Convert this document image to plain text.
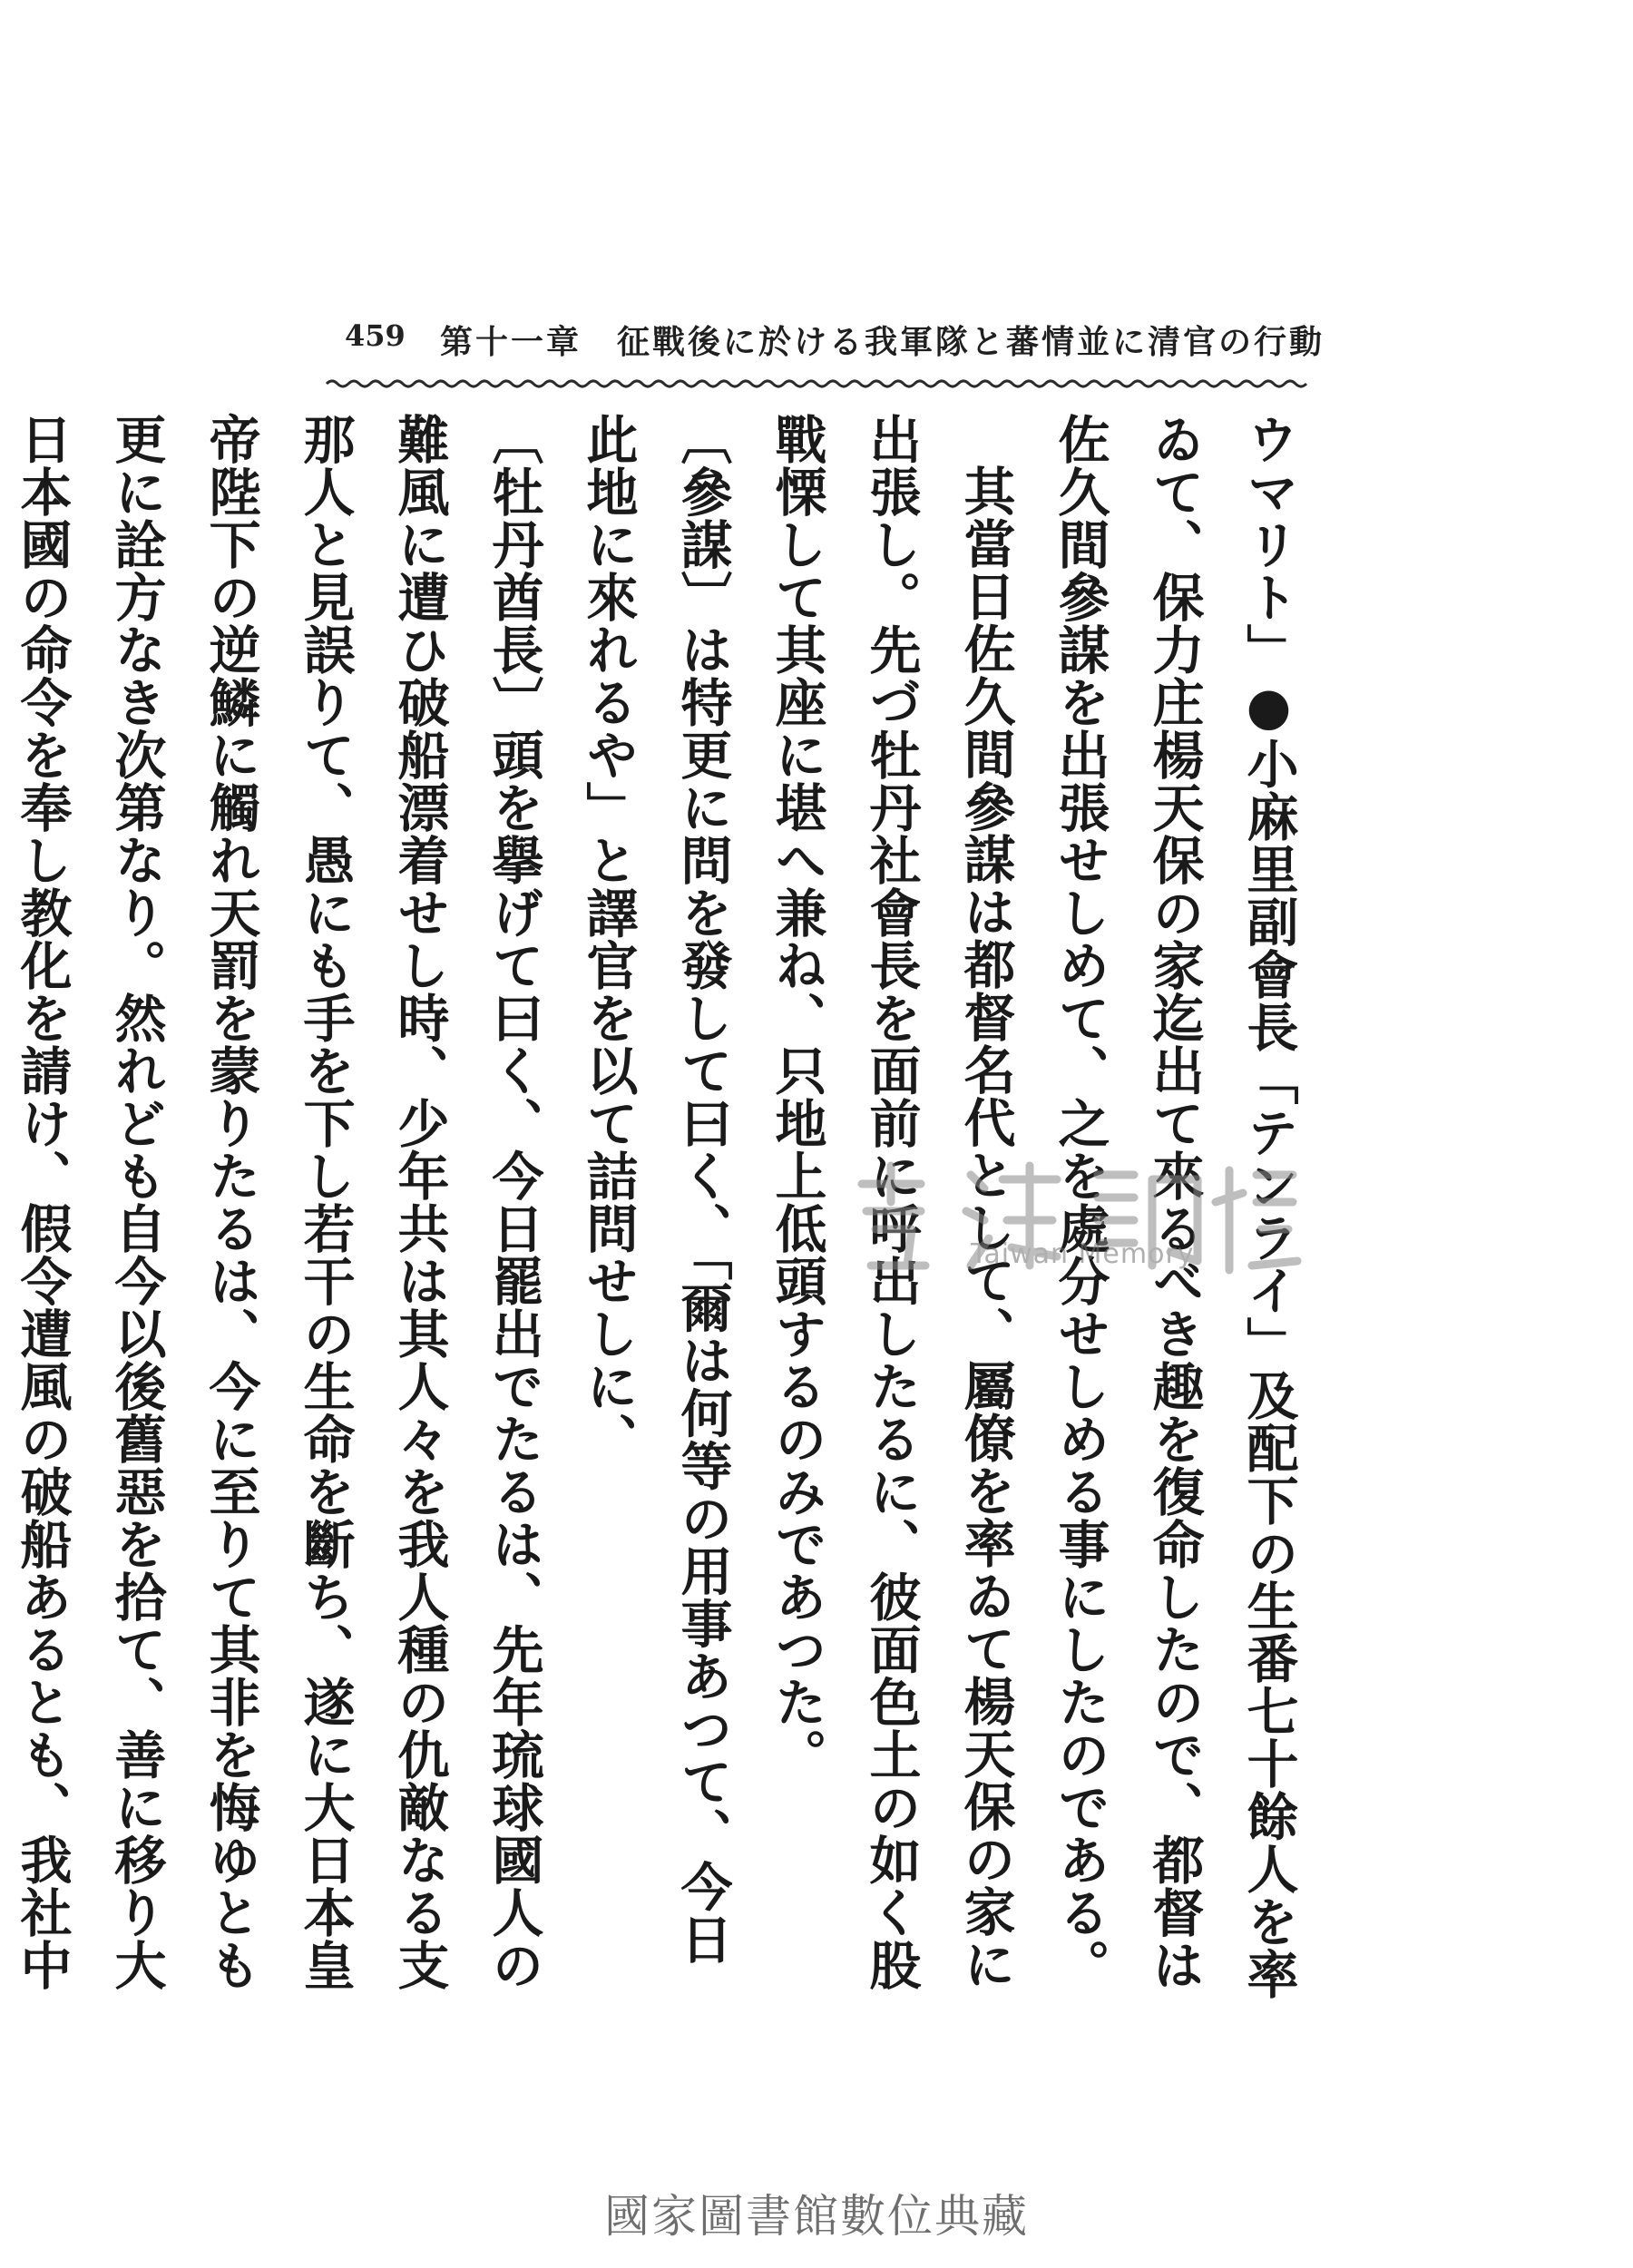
459 第十一章　征戰後に於ける我軍隊と蕃情並に清官の行動

ウマリト」●小麻里副會長「テンライ」及配下の生番七十餘人を率ゐて、保力庄楊天保の家迄出て來るべき趣を復命したので、都督は佐久間參謀を出張せしめて、之を處分せしめる事にしたのである。

其當日佐久間參謀は都督名代として、屬僚を率ゐて楊天保の家に出張し。先づ牡丹社會長を面前に呼出したるに、彼面色土の如く股戰慄して其座に堪へ兼ね、只地上低頭するのみであつた。

〔參謀〕は特更に問を發して曰く、「爾は何等の用事あつて、今日此地に來れるや」と譯官を以て詰問せしに、

〔牡丹酋長〕頭を擧げて曰く、今日罷出でたるは、先年琉球國人の難風に遭ひ破船漂着せし時、少年共は其人々を我人種の仇敵なる支那人と見誤りて、愚にも手を下し若干の生命を斷ち、遂に大日本皇帝陛下の逆鱗に觸れ天罰を蒙りたるは、今に至りて其非を悔ゆとも更に詮方なき次第なり。然れども自今以後舊惡を拾て、善に移り大日本國の命令を奉し教化を請け、假令遭風の破船あるとも、我社中

Taiwan Memory
國家圖書館數位典藏
